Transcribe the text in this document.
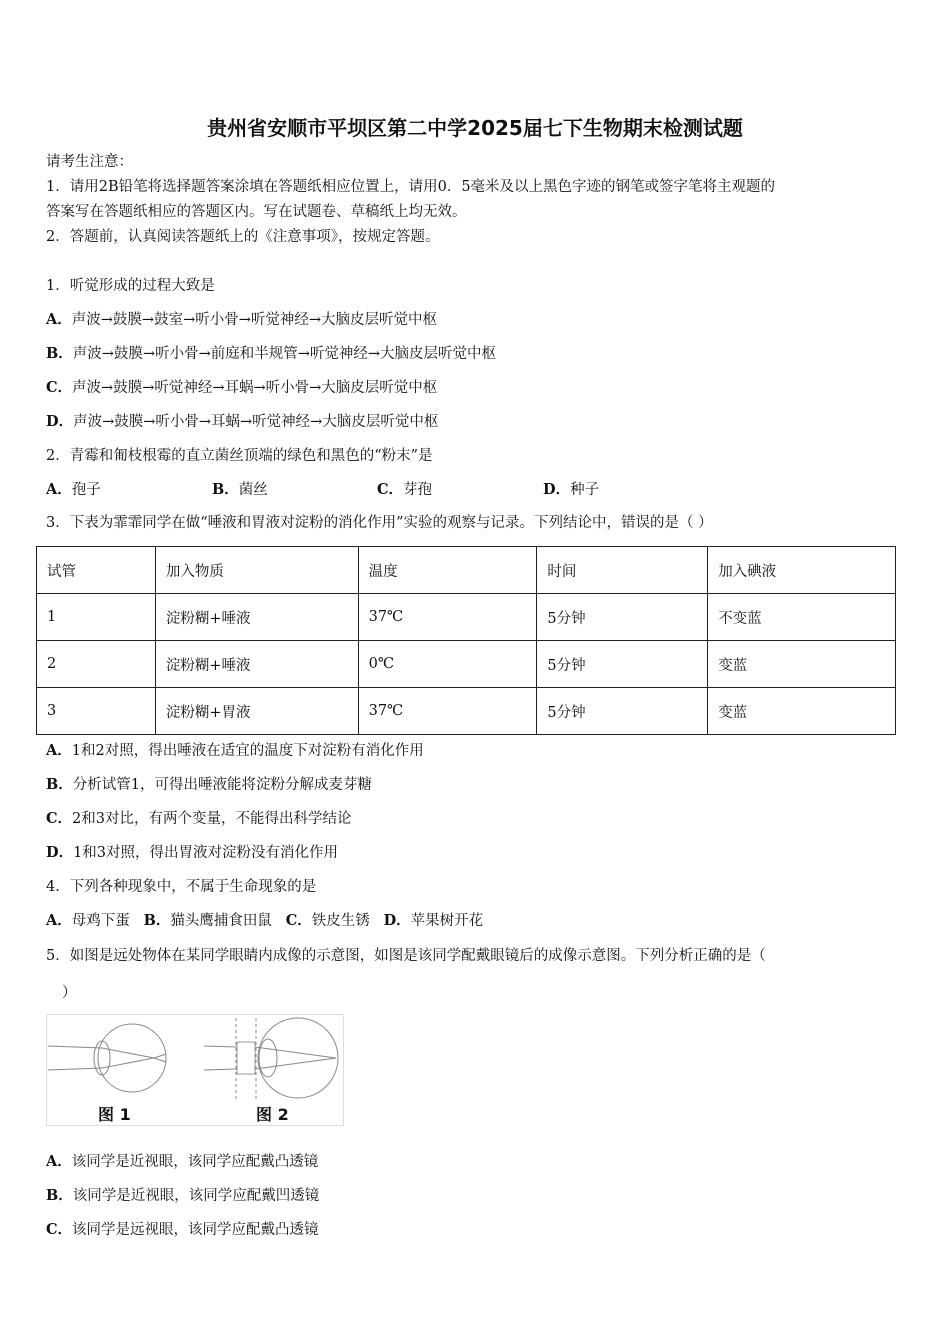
贵州省安顺市平坝区第二中学2025届七下生物期末检测试题
请考生注意：
1．请用2B铅笔将选择题答案涂填在答题纸相应位置上，请用0．5毫米及以上黑色字迹的钢笔或签字笔将主观题的
答案写在答题纸相应的答题区内。写在试题卷、草稿纸上均无效。
2．答题前，认真阅读答题纸上的《注意事项》，按规定答题。
1．听觉形成的过程大致是
A．声波→鼓膜→鼓室→听小骨→听觉神经→大脑皮层听觉中枢
B．声波→鼓膜→听小骨→前庭和半规管→听觉神经→大脑皮层听觉中枢
C．声波→鼓膜→听觉神经→耳蜗→听小骨→大脑皮层听觉中枢
D．声波→鼓膜→听小骨→耳蜗→听觉神经→大脑皮层听觉中枢
2．青霉和匍枝根霉的直立菌丝顶端的绿色和黑色的“粉末”是
A．孢子	B．菌丝	C．芽孢	D．种子
3．下表为霏霏同学在做“唾液和胃液对淀粉的消化作用”实验的观察与记录。下列结论中，错误的是（ ）
试管	加入物质	温度	时间	加入碘液
1	淀粉糊+唾液	37℃	5分钟	不变蓝
2	淀粉糊+唾液	0℃	5分钟	变蓝
3	淀粉糊+胃液	37℃	5分钟	变蓝
A．1和2对照，得出唾液在适宜的温度下对淀粉有消化作用
B．分析试管1，可得出唾液能将淀粉分解成麦芽糖
C．2和3对比，有两个变量，不能得出科学结论
D．1和3对照，得出胃液对淀粉没有消化作用
4．下列各种现象中，不属于生命现象的是
A．母鸡下蛋 B．猫头鹰捕食田鼠 C．铁皮生锈 D．苹果树开花
5．如图是远处物体在某同学眼睛内成像的示意图，如图是该同学配戴眼镜后的成像示意图。下列分析正确的是（
）
图 1	图 2
A．该同学是近视眼，该同学应配戴凸透镜
B．该同学是近视眼，该同学应配戴凹透镜
C．该同学是远视眼，该同学应配戴凸透镜
